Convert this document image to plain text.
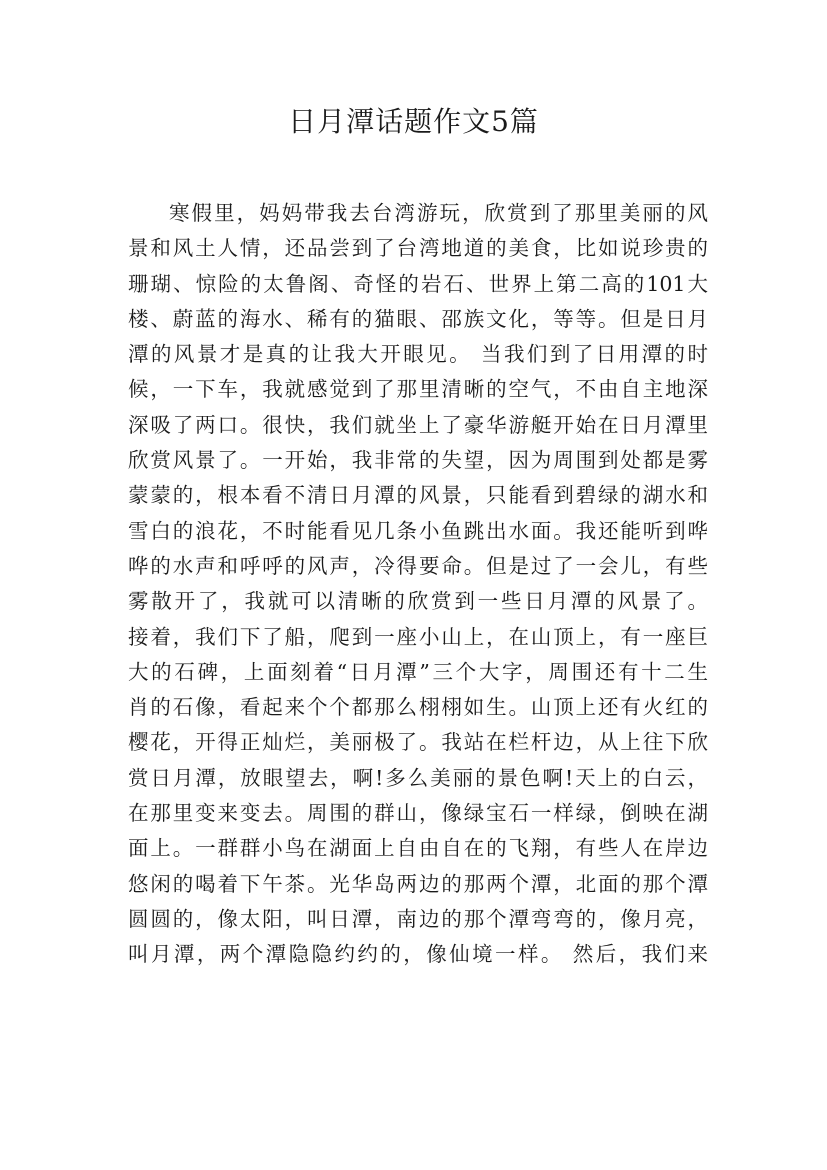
日月潭话题作文5篇
寒假里，妈妈带我去台湾游玩，欣赏到了那里美丽的风
景和风土人情，还品尝到了台湾地道的美食，比如说珍贵的
珊瑚、惊险的太鲁阁、奇怪的岩石、世界上第二高的101大
楼、蔚蓝的海水、稀有的猫眼、邵族文化，等等。但是日月
潭的风景才是真的让我大开眼见。 当我们到了日用潭的时
候，一下车，我就感觉到了那里清晰的空气，不由自主地深
深吸了两口。很快，我们就坐上了豪华游艇开始在日月潭里
欣赏风景了。一开始，我非常的失望，因为周围到处都是雾
蒙蒙的，根本看不清日月潭的风景，只能看到碧绿的湖水和
雪白的浪花，不时能看见几条小鱼跳出水面。我还能听到哗
哗的水声和呼呼的风声，冷得要命。但是过了一会儿，有些
雾散开了，我就可以清晰的欣赏到一些日月潭的风景了。
接着，我们下了船，爬到一座小山上，在山顶上，有一座巨
大的石碑，上面刻着“日月潭”三个大字，周围还有十二生
肖的石像，看起来个个都那么栩栩如生。山顶上还有火红的
樱花，开得正灿烂，美丽极了。我站在栏杆边，从上往下欣
赏日月潭，放眼望去，啊!多么美丽的景色啊!天上的白云，
在那里变来变去。周围的群山，像绿宝石一样绿，倒映在湖
面上。一群群小鸟在湖面上自由自在的飞翔，有些人在岸边
悠闲的喝着下午茶。光华岛两边的那两个潭，北面的那个潭
圆圆的，像太阳，叫日潭，南边的那个潭弯弯的，像月亮，
叫月潭，两个潭隐隐约约的，像仙境一样。 然后，我们来
